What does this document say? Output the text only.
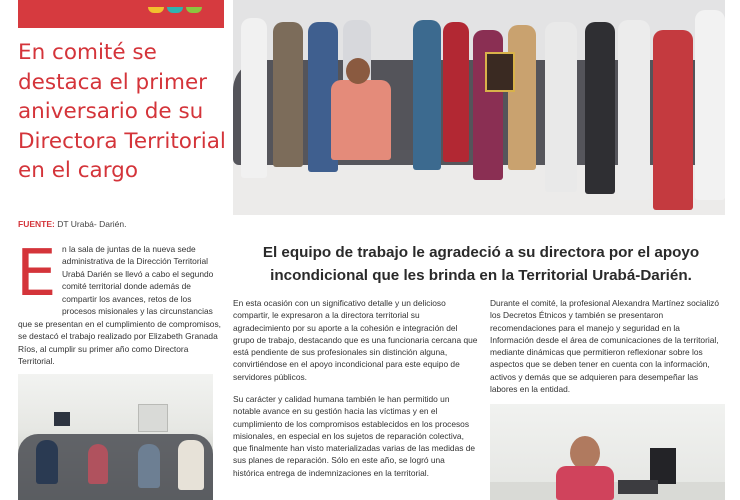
En comité se destaca el primer aniversario de su Directora Territorial en el cargo
FUENTE: DT Urabá- Darién.
E n la sala de juntas de la nueva sede administrativa de la Dirección Territorial Urabá Darién se llevó a cabo el segundo comité territorial donde además de compartir los avances, retos de los procesos misionales y las circunstancias

que se presentan en el cumplimiento de compromisos, se destacó el trabajo realizado por Elizabeth Granada Ríos, al cumplir su primer año como Directora Territorial.

El equipo de trabajo le agradeció a su directora por el apoyo incondicional que les brinda en la Territorial Urabá-Darién.

En esta ocasión con un significativo detalle y un delicioso compartir, le expresaron a la directora territorial su agradecimiento por su aporte a la cohesión e integración del grupo de trabajo, destacando que es una funcionaria cercana que está pendiente de sus profesionales sin distinción alguna, convirtiéndose en el apoyo incondicional para este equipo de servidores públicos.

Su carácter y calidad humana también le han permitido un notable avance en su gestión hacia las víctimas y en el cumplimiento de los compromisos establecidos en los procesos misionales, en especial en los sujetos de reparación colectiva, que finalmente han visto materializadas varias de las medidas de sus planes de reparación. Sólo en este año, se logró una histórica entrega de indemnizaciones en la territorial.

Durante el comité, la profesional Alexandra Martínez socializó los Decretos Étnicos y también se presentaron recomendaciones para el manejo y seguridad en la Información desde el área de comunicaciones de la territorial, mediante dinámicas que permitieron reflexionar sobre los aspectos que se deben tener en cuenta con la información, activos y demás que se adquieren para desempeñar las labores en la entidad.
